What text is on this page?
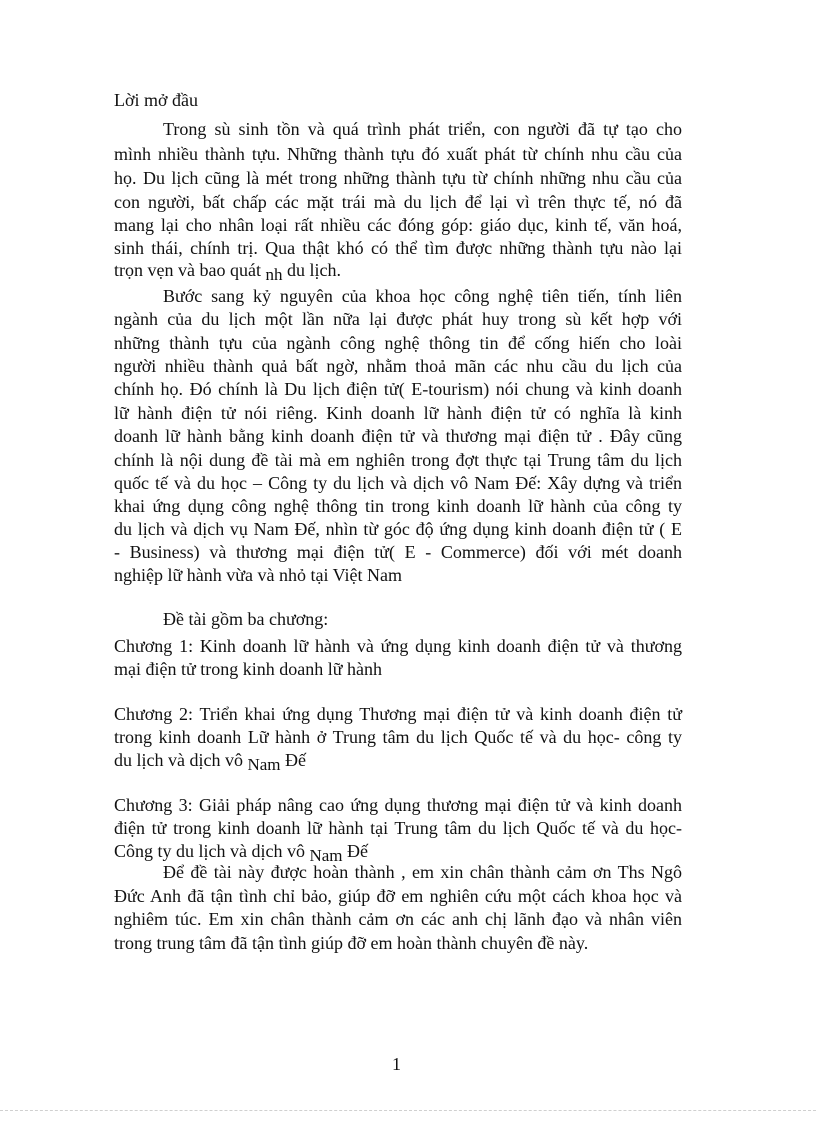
Lời mở đầu
Trong sù sinh tồn và quá trình phát triển, con người đã tự tạo cho
mình nhiều thành tựu. Những thành tựu đó xuất phát từ chính nhu cầu của
họ. Du lịch cũng là mét trong những thành tựu từ chính những nhu cầu của
con người, bất chấp các mặt trái mà du lịch để lại vì trên thực tế, nó đã
mang lại cho nhân loại rất nhiều các đóng góp: giáo dục, kinh tế, văn hoá,
sinh thái, chính trị. Qua thật khó có thể tìm được những thành tựu nào lại
trọn vẹn và bao quát nh du lịch.
Bước sang kỷ nguyên của khoa học công nghệ tiên tiến, tính liên
ngành của du lịch một lần nữa lại được phát huy trong sù kết hợp với
những thành tựu của ngành công nghệ thông tin để cống hiến cho loài
người nhiều thành quả bất ngờ, nhằm thoả mãn các nhu cầu du lịch của
chính họ. Đó chính là Du lịch điện tử( E-tourism) nói chung và kinh doanh
lữ hành điện tử nói riêng. Kinh doanh lữ hành điện tử có nghĩa là kinh
doanh lữ hành bằng kinh doanh điện tử và thương mại điện tử . Đây cũng
chính là nội dung đề tài mà em nghiên trong đợt thực tại Trung tâm du lịch
quốc tế và du học – Công ty du lịch và dịch vô Nam Đế: Xây dựng và triển
khai ứng dụng công nghệ thông tin trong kinh doanh lữ hành của công ty
du lịch và dịch vụ Nam Đế, nhìn từ góc độ ứng dụng kinh doanh điện tử ( E
- Business) và thương mại điện tử( E - Commerce) đối với mét doanh
nghiệp lữ hành vừa và nhỏ tại Việt Nam
Đề tài gồm ba chương:
Chương 1: Kinh doanh lữ hành và ứng dụng kinh doanh điện tử và thương
mại điện tử trong kinh doanh lữ hành
Chương 2: Triển khai ứng dụng Thương mại điện tử và kinh doanh điện tử
trong kinh doanh Lữ hành ở Trung tâm du lịch Quốc tế và du học- công ty
du lịch và dịch vô Nam Đế
Chương 3: Giải pháp nâng cao ứng dụng thương mại điện tử và kinh doanh
điện tử trong kinh doanh lữ hành tại Trung tâm du lịch Quốc tế và du học-
Công ty du lịch và dịch vô Nam Đế
Để đề tài này được hoàn thành , em xin chân thành cảm ơn Ths Ngô
Đức Anh đã tận tình chỉ bảo, giúp đỡ em nghiên cứu một cách khoa học và
nghiêm túc. Em xin chân thành cảm ơn các anh chị lãnh đạo và nhân viên
trong trung tâm đã tận tình giúp đỡ em hoàn thành chuyên đề này.
1
